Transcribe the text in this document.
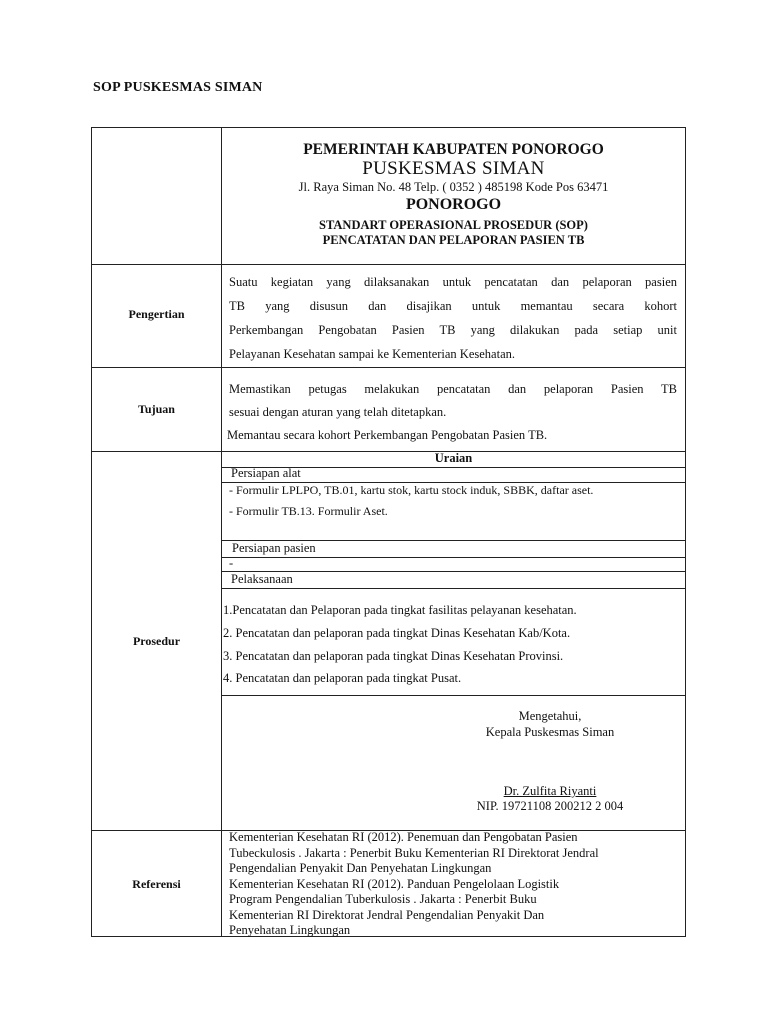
SOP PUSKESMAS SIMAN
PEMERINTAH KABUPATEN PONOROGO
PUSKESMAS SIMAN
Jl. Raya Siman No. 48 Telp. ( 0352 ) 485198 Kode Pos 63471
PONOROGO
STANDART OPERASIONAL PROSEDUR (SOP)
PENCATATAN DAN PELAPORAN PASIEN TB
Pengertian
Suatu kegiatan yang dilaksanakan untuk pencatatan dan pelaporan pasien
TB yang disusun dan disajikan untuk memantau secara kohort
Perkembangan Pengobatan Pasien TB yang dilakukan pada setiap unit
Pelayanan Kesehatan sampai ke Kementerian Kesehatan.
Tujuan
Memastikan petugas melakukan pencatatan dan pelaporan Pasien TB
sesuai dengan aturan yang telah ditetapkan.
Memantau secara kohort Perkembangan Pengobatan Pasien TB.
Prosedur
Uraian
Persiapan alat
- Formulir LPLPO, TB.01, kartu stok, kartu stock induk, SBBK, daftar aset.
- Formulir TB.13. Formulir Aset.
Persiapan pasien
-
Pelaksanaan
1.Pencatatan dan Pelaporan pada tingkat fasilitas pelayanan kesehatan.
2. Pencatatan dan pelaporan pada tingkat Dinas Kesehatan Kab/Kota.
3. Pencatatan dan pelaporan pada tingkat Dinas Kesehatan Provinsi.
4. Pencatatan dan pelaporan pada tingkat Pusat.
Mengetahui,
Kepala Puskesmas Siman
Dr. Zulfita Riyanti
NIP. 19721108 200212 2 004
Referensi
Kementerian Kesehatan RI (2012). Penemuan dan Pengobatan Pasien
Tubeckulosis . Jakarta : Penerbit Buku Kementerian RI Direktorat Jendral
Pengendalian Penyakit Dan Penyehatan Lingkungan
Kementerian Kesehatan RI (2012). Panduan Pengelolaan Logistik
Program Pengendalian Tuberkulosis . Jakarta : Penerbit Buku
Kementerian RI Direktorat Jendral Pengendalian Penyakit Dan
Penyehatan Lingkungan
